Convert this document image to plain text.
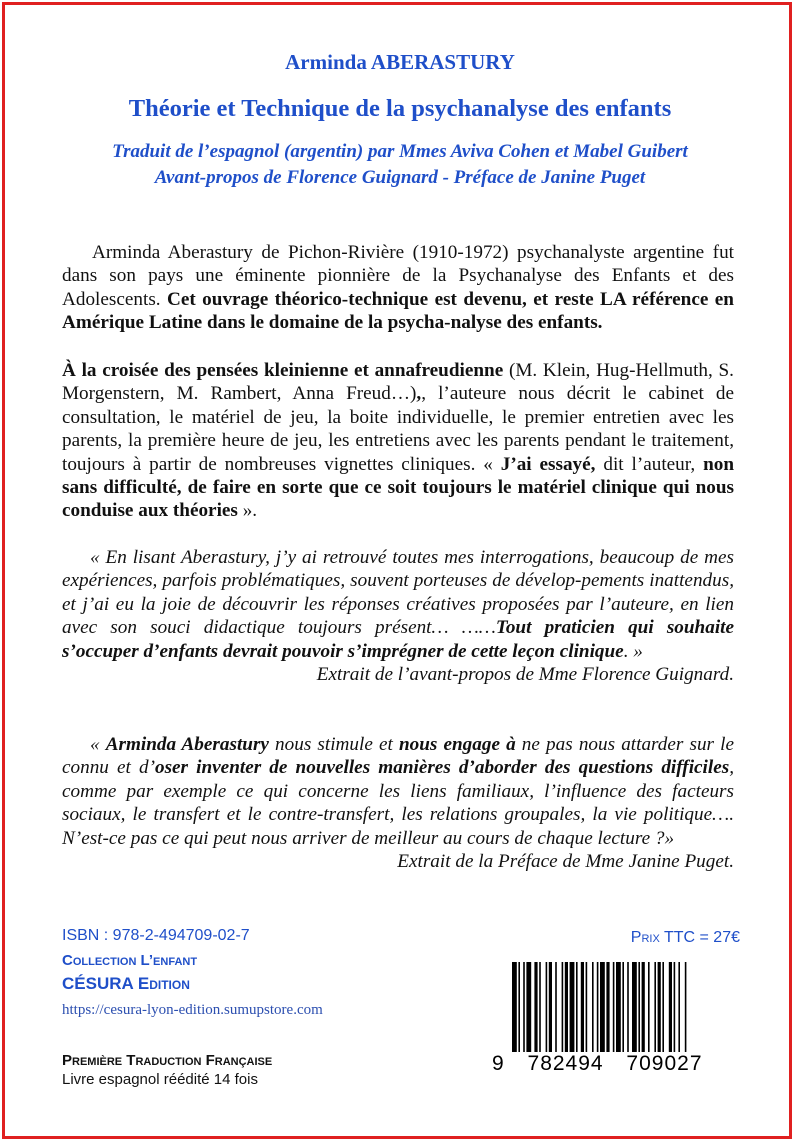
Arminda ABERASTURY
Théorie et Technique de la psychanalyse des enfants
Traduit de l’espagnol (argentin) par Mmes Aviva Cohen et Mabel Guibert
Avant-propos de Florence Guignard - Préface de Janine Puget

Arminda Aberastury de Pichon-Rivière (1910-1972) psychanalyste argentine fut dans son pays une éminente pionnière de la Psychanalyse des Enfants et des Adolescents. Cet ouvrage théorico-technique est devenu, et reste LA référence en Amérique Latine dans le domaine de la psycha-nalyse des enfants.

À la croisée des pensées kleinienne et annafreudienne (M. Klein, Hug-Hellmuth, S. Morgenstern, M. Rambert, Anna Freud…),, l’auteure nous décrit le cabinet de consultation, le matériel de jeu, la boite individuelle, le premier entretien avec les parents, la première heure de jeu, les entretiens avec les parents pendant le traitement, toujours à partir de nombreuses vignettes cliniques. « J’ai essayé, dit l’auteur, non sans difficulté, de faire en sorte que ce soit toujours le matériel clinique qui nous conduise aux théories ».

« En lisant Aberastury, j’y ai retrouvé toutes mes interrogations, beaucoup de mes expériences, parfois problématiques, souvent porteuses de dévelop-pements inattendus, et j’ai eu la joie de découvrir les réponses créatives proposées par l’auteure, en lien avec son souci didactique toujours présent… ……Tout praticien qui souhaite s’occuper d’enfants devrait pouvoir s’imprégner de cette leçon clinique. »

Extrait de l’avant-propos de Mme Florence Guignard.

« Arminda Aberastury nous stimule et nous engage à ne pas nous attarder sur le connu et d’oser inventer de nouvelles manières d’aborder des questions difficiles, comme par exemple ce qui concerne les liens familiaux, l’influence des facteurs sociaux, le transfert et le contre-transfert, les relations groupales, la vie politique…. N’est-ce pas ce qui peut nous arriver de meilleur au cours de chaque lecture ?»

Extrait de la Préface de Mme Janine Puget.

ISBN : 978-2-494709-02-7
Collection L’enfant
CÉSURA Edition
https://cesura-lyon-edition.sumupstore.com
Première Traduction Française
Livre espagnol réédité 14 fois
Prix TTC = 27€
9 782494 709027
